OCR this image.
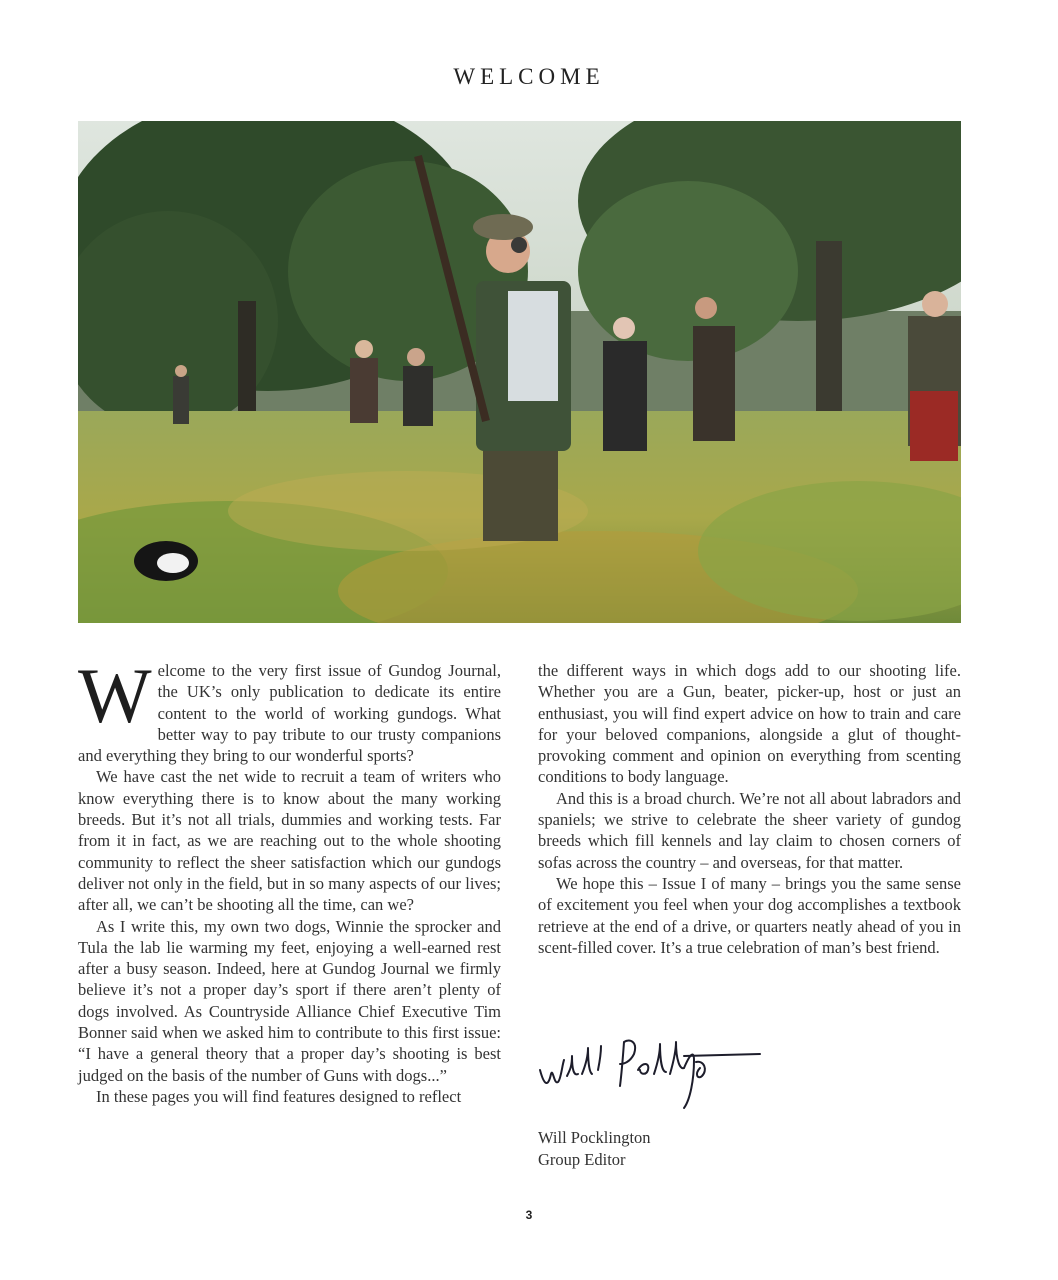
WELCOME

Welcome to the very first issue of Gundog Journal, the UK’s only publication to dedicate its entire content to the world of working gundogs. What better way to pay tribute to our trusty companions and everything they bring to our wonderful sports?

We have cast the net wide to recruit a team of writers who know everything there is to know about the many working breeds. But it’s not all trials, dummies and working tests. Far from it in fact, as we are reaching out to the whole shooting community to reflect the sheer satisfaction which our gundogs deliver not only in the field, but in so many aspects of our lives; after all, we can’t be shooting all the time, can we?

As I write this, my own two dogs, Winnie the sprocker and Tula the lab lie warming my feet, enjoying a well-earned rest after a busy season. Indeed, here at Gundog Journal we firmly believe it’s not a proper day’s sport if there aren’t plenty of dogs involved. As Countryside Alliance Chief Executive Tim Bonner said when we asked him to contribute to this first issue: “I have a general theory that a proper day’s shooting is best judged on the basis of the number of Guns with dogs...”

In these pages you will find features designed to reflect

the different ways in which dogs add to our shooting life. Whether you are a Gun, beater, picker-up, host or just an enthusiast, you will find expert advice on how to train and care for your beloved companions, alongside a glut of thought-provoking comment and opinion on everything from scenting conditions to body language.

And this is a broad church. We’re not all about labradors and spaniels; we strive to celebrate the sheer variety of gundog breeds which fill kennels and lay claim to chosen corners of sofas across the country – and overseas, for that matter.

We hope this – Issue I of many – brings you the same sense of excitement you feel when your dog accomplishes a textbook retrieve at the end of a drive, or quarters neatly ahead of you in scent-filled cover. It’s a true celebration of man’s best friend.

Will Pocklington
Group Editor
3
